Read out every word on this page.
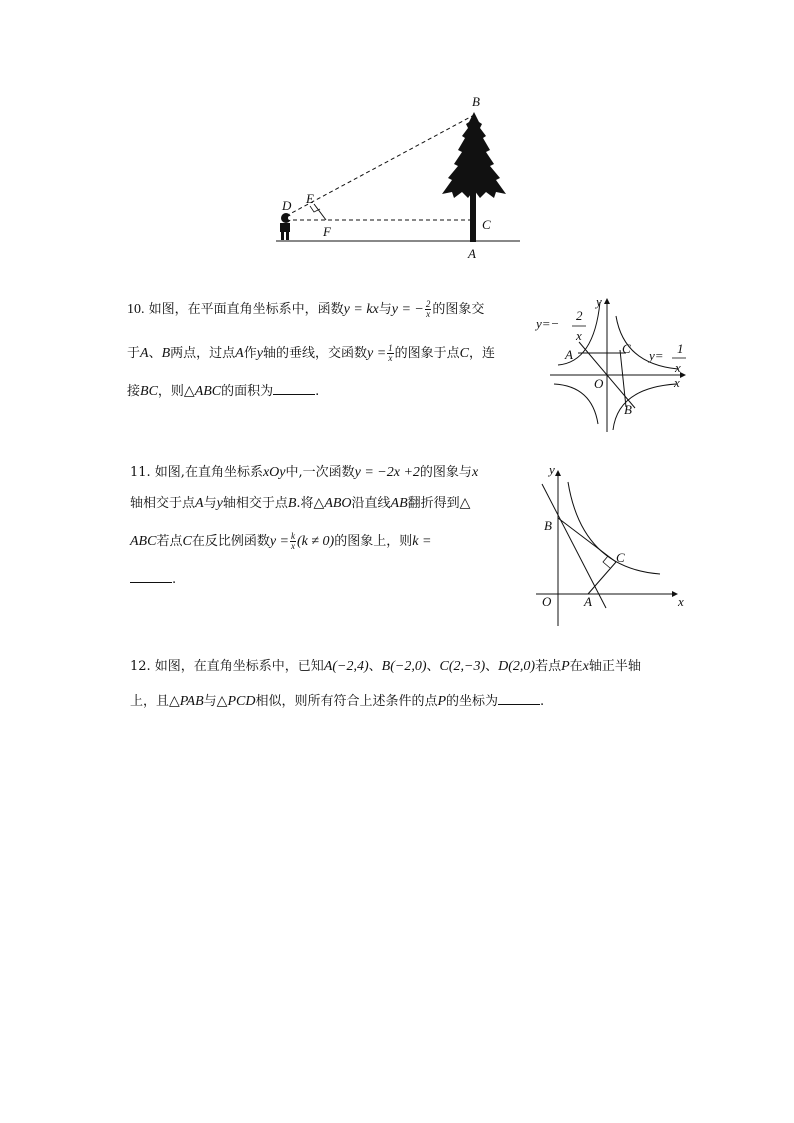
B
D E
F	C
A
10. 如图，在平面直角坐标系中，函数y = kx与y = − $\frac{2}{x}$ 的图象交
于A、B两点，过点A作y轴的垂线，交函数$y = \frac{1}{x}$ 的图象于点C，连
接BC，则△ABC的面积为	.
y
A	C
O
B
x
y=−
2
x
y= 1
x
11. 如图,在直角坐标系xOy中,一次函数y = −2x +2的图象与x
轴相交于点A与y轴相交于点B.将△ABO沿直线AB翻折得到△
ABC若点C在反比例函数$y = \frac{k}{x} (k \ne 0)$的图象上，则k =
.
y
B
C
O	A	x
12. 如图，在直角坐标系中，已知A(−2,4)、B(−2,0)、C(2,−3)、D(2,0)若点P在x轴正半轴
上，且△PAB与△PCD相似，则所有符合上述条件的点P的坐标为	.
